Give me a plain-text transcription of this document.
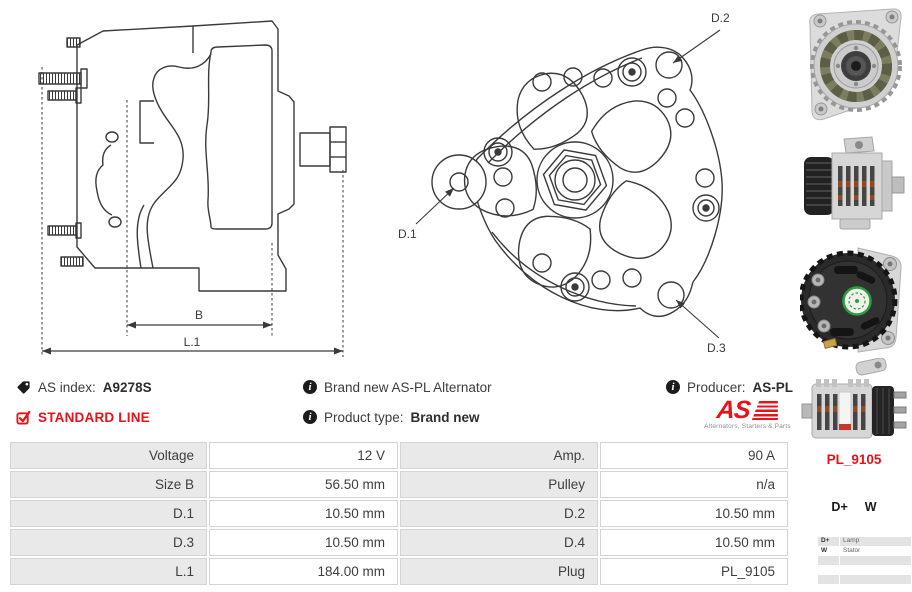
B
L.1
D.2
D.1
D.3
AS index: A9278S	i Brand new AS-PL Alternator	i Producer: AS-PL
STANDARD LINE	i Product type: Brand new	AS
Alternators, Starters & Parts
Voltage	12 V	Amp.	90 A
Size B	56.50 mm	Pulley	n/a
D.1	10.50 mm	D.2	10.50 mm
D.3	10.50 mm	D.4	10.50 mm
L.1	184.00 mm	Plug	PL_9105
PL_9105
D+ W
D+	Lamp
W	Stator
